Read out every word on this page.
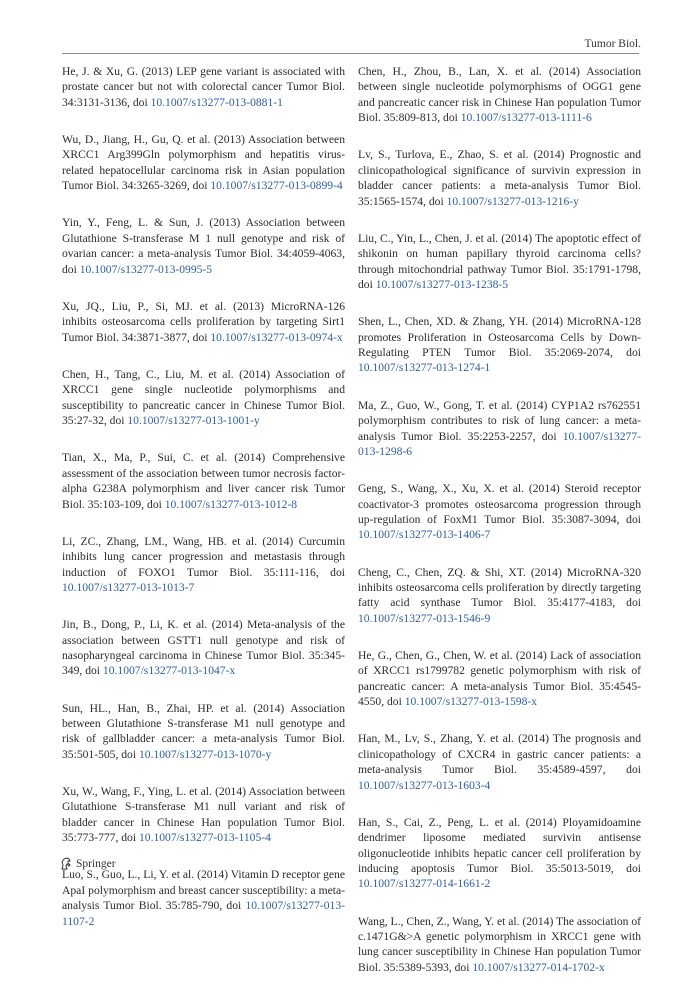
Tumor Biol.

He, J. & Xu, G. (2013) LEP gene variant is associated with prostate cancer but not with colorectal cancer Tumor Biol. 34:3131-3136, doi 10.1007/s13277-013-0881-1

Wu, D., Jiang, H., Gu, Q. et al. (2013) Association between XRCC1 Arg399Gln polymorphism and hepatitis virus-related hepatocellular carcinoma risk in Asian population Tumor Biol. 34:3265-3269, doi 10.1007/s13277-013-0899-4

Yin, Y., Feng, L. & Sun, J. (2013) Association between Glutathione S-transferase M 1 null genotype and risk of ovarian cancer: a meta-analysis Tumor Biol. 34:4059-4063, doi 10.1007/s13277-013-0995-5

Xu, JQ., Liu, P., Si, MJ. et al. (2013) MicroRNA-126 inhibits osteosarcoma cells proliferation by targeting Sirt1 Tumor Biol. 34:3871-3877, doi 10.1007/s13277-013-0974-x

Chen, H., Tang, C., Liu, M. et al. (2014) Association of XRCC1 gene single nucleotide polymorphisms and susceptibility to pancreatic cancer in Chinese Tumor Biol. 35:27-32, doi 10.1007/s13277-013-1001-y

Tian, X., Ma, P., Sui, C. et al. (2014) Comprehensive assessment of the association between tumor necrosis factor-alpha G238A polymorphism and liver cancer risk Tumor Biol. 35:103-109, doi 10.1007/s13277-013-1012-8

Li, ZC., Zhang, LM., Wang, HB. et al. (2014) Curcumin inhibits lung cancer progression and metastasis through induction of FOXO1 Tumor Biol. 35:111-116, doi 10.1007/s13277-013-1013-7

Jin, B., Dong, P., Li, K. et al. (2014) Meta-analysis of the association between GSTT1 null genotype and risk of nasopharyngeal carcinoma in Chinese Tumor Biol. 35:345-349, doi 10.1007/s13277-013-1047-x

Sun, HL., Han, B., Zhai, HP. et al. (2014) Association between Glutathione S-transferase M1 null genotype and risk of gallbladder cancer: a meta-analysis Tumor Biol. 35:501-505, doi 10.1007/s13277-013-1070-y

Xu, W., Wang, F., Ying, L. et al. (2014) Association between Glutathione S-transferase M1 null variant and risk of bladder cancer in Chinese Han population Tumor Biol. 35:773-777, doi 10.1007/s13277-013-1105-4

Luo, S., Guo, L., Li, Y. et al. (2014) Vitamin D receptor gene ApaI polymorphism and breast cancer susceptibility: a meta-analysis Tumor Biol. 35:785-790, doi 10.1007/s13277-013-1107-2

Chen, H., Zhou, B., Lan, X. et al. (2014) Association between single nucleotide polymorphisms of OGG1 gene and pancreatic cancer risk in Chinese Han population Tumor Biol. 35:809-813, doi 10.1007/s13277-013-1111-6

Lv, S., Turlova, E., Zhao, S. et al. (2014) Prognostic and clinicopathological significance of survivin expression in bladder cancer patients: a meta-analysis Tumor Biol. 35:1565-1574, doi 10.1007/s13277-013-1216-y

Liu, C., Yin, L., Chen, J. et al. (2014) The apoptotic effect of shikonin on human papillary thyroid carcinoma cells?through mitochondrial pathway Tumor Biol. 35:1791-1798, doi 10.1007/s13277-013-1238-5

Shen, L., Chen, XD. & Zhang, YH. (2014) MicroRNA-128 promotes Proliferation in Osteosarcoma Cells by Down-Regulating PTEN Tumor Biol. 35:2069-2074, doi 10.1007/s13277-013-1274-1

Ma, Z., Guo, W., Gong, T. et al. (2014) CYP1A2 rs762551 polymorphism contributes to risk of lung cancer: a meta-analysis Tumor Biol. 35:2253-2257, doi 10.1007/s13277-013-1298-6

Geng, S., Wang, X., Xu, X. et al. (2014) Steroid receptor coactivator-3 promotes osteosarcoma progression through up-regulation of FoxM1 Tumor Biol. 35:3087-3094, doi 10.1007/s13277-013-1406-7

Cheng, C., Chen, ZQ. & Shi, XT. (2014) MicroRNA-320 inhibits osteosarcoma cells proliferation by directly targeting fatty acid synthase Tumor Biol. 35:4177-4183, doi 10.1007/s13277-013-1546-9

He, G., Chen, G., Chen, W. et al. (2014) Lack of association of XRCC1 rs1799782 genetic polymorphism with risk of pancreatic cancer: A meta-analysis Tumor Biol. 35:4545-4550, doi 10.1007/s13277-013-1598-x

Han, M., Lv, S., Zhang, Y. et al. (2014) The prognosis and clinicopathology of CXCR4 in gastric cancer patients: a meta-analysis Tumor Biol. 35:4589-4597, doi 10.1007/s13277-013-1603-4

Han, S., Cai, Z., Peng, L. et al. (2014) Ployamidoamine dendrimer liposome mediated survivin antisense oligonucleotide inhibits hepatic cancer cell proliferation by inducing apoptosis Tumor Biol. 35:5013-5019, doi 10.1007/s13277-014-1661-2

Wang, L., Chen, Z., Wang, Y. et al. (2014) The association of c.1471G&>A genetic polymorphism in XRCC1 gene with lung cancer susceptibility in Chinese Han population Tumor Biol. 35:5389-5393, doi 10.1007/s13277-014-1702-x

Springer
